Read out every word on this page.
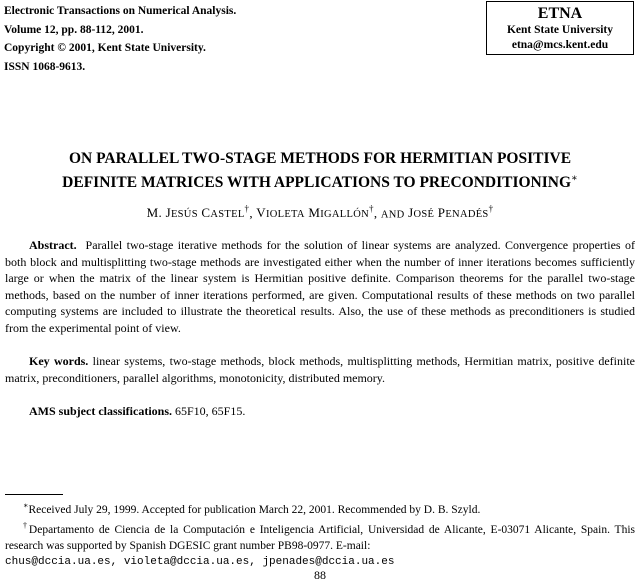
Electronic Transactions on Numerical Analysis.
Volume 12, pp. 88-112, 2001.
Copyright © 2001, Kent State University.
ISSN 1068-9613.
ETNA
Kent State University
etna@mcs.kent.edu
ON PARALLEL TWO-STAGE METHODS FOR HERMITIAN POSITIVE
DEFINITE MATRICES WITH APPLICATIONS TO PRECONDITIONING∗
M. JESÚS CASTEL†, VIOLETA MIGALLÓN†, AND JOSÉ PENADÉS†
Abstract. Parallel two-stage iterative methods for the solution of linear systems are analyzed. Convergence properties of both block and multisplitting two-stage methods are investigated either when the number of inner iterations becomes sufficiently large or when the matrix of the linear system is Hermitian positive definite. Comparison theorems for the parallel two-stage methods, based on the number of inner iterations performed, are given. Computational results of these methods on two parallel computing systems are included to illustrate the theoretical results. Also, the use of these methods as preconditioners is studied from the experimental point of view.
Key words. linear systems, two-stage methods, block methods, multisplitting methods, Hermitian matrix, positive definite matrix, preconditioners, parallel algorithms, monotonicity, distributed memory.
AMS subject classifications. 65F10, 65F15.
∗Received July 29, 1999. Accepted for publication March 22, 2001. Recommended by D. B. Szyld.
†Departamento de Ciencia de la Computación e Inteligencia Artificial, Universidad de Alicante, E-03071 Alicante, Spain. This research was supported by Spanish DGESIC grant number PB98-0977. E-mail:
chus@dccia.ua.es, violeta@dccia.ua.es, jpenades@dccia.ua.es
88
